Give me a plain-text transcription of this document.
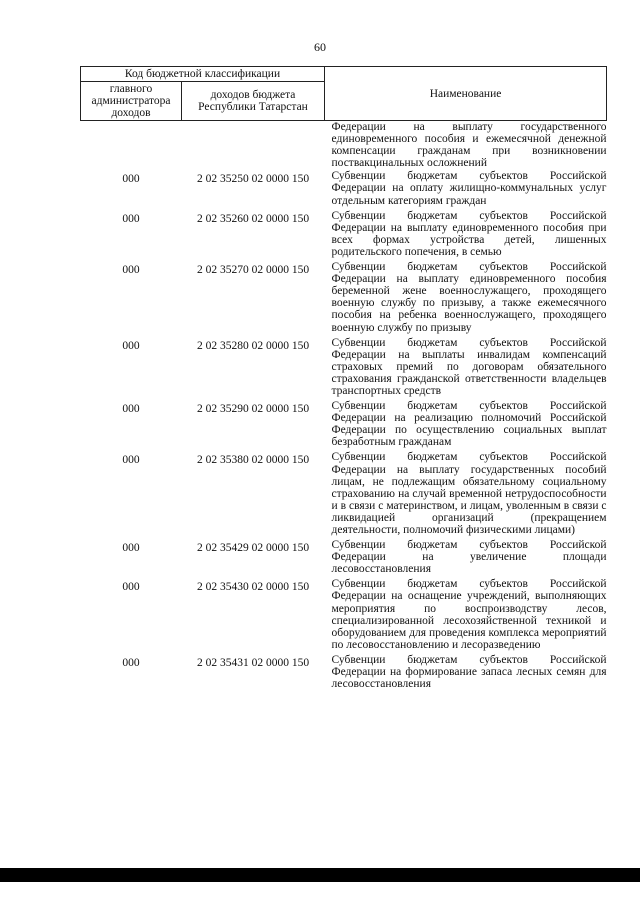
60
Код бюджетной классификации		Наименование
главного администратора доходов	доходов бюджета Республики Татарстан	
		Федерации на выплату государственного единовременного пособия и ежемесячной денежной компенсации гражданам при возникновении поствакцинальных осложнений
000	2 02 35250 02 0000 150	Субвенции бюджетам субъектов Российской Федерации на оплату жилищно-коммунальных услуг отдельным категориям граждан
000	2 02 35260 02 0000 150	Субвенции бюджетам субъектов Российской Федерации на выплату единовременного пособия при всех формах устройства детей, лишенных родительского попечения, в семью
000	2 02 35270 02 0000 150	Субвенции бюджетам субъектов Российской Федерации на выплату единовременного пособия беременной жене военнослужащего, проходящего военную службу по призыву, а также ежемесячного пособия на ребенка военнослужащего, проходящего военную службу по призыву
000	2 02 35280 02 0000 150	Субвенции бюджетам субъектов Российской Федерации на выплаты инвалидам компенсаций страховых премий по договорам обязательного страхования гражданской ответственности владельцев транспортных средств
000	2 02 35290 02 0000 150	Субвенции бюджетам субъектов Российской Федерации на реализацию полномочий Российской Федерации по осуществлению социальных выплат безработным гражданам
000	2 02 35380 02 0000 150	Субвенции бюджетам субъектов Российской Федерации на выплату государственных пособий лицам, не подлежащим обязательному социальному страхованию на случай временной нетрудоспособности и в связи с материнством, и лицам, уволенным в связи с ликвидацией организаций (прекращением деятельности, полномочий физическими лицами)
000	2 02 35429 02 0000 150	Субвенции бюджетам субъектов Российской Федерации на увеличение площади лесовосстановления
000	2 02 35430 02 0000 150	Субвенции бюджетам субъектов Российской Федерации на оснащение учреждений, выполняющих мероприятия по воспроизводству лесов, специализированной лесохозяйственной техникой и оборудованием для проведения комплекса мероприятий по лесовосстановлению и лесоразведению
000	2 02 35431 02 0000 150	Субвенции бюджетам субъектов Российской Федерации на формирование запаса лесных семян для лесовосстановления
